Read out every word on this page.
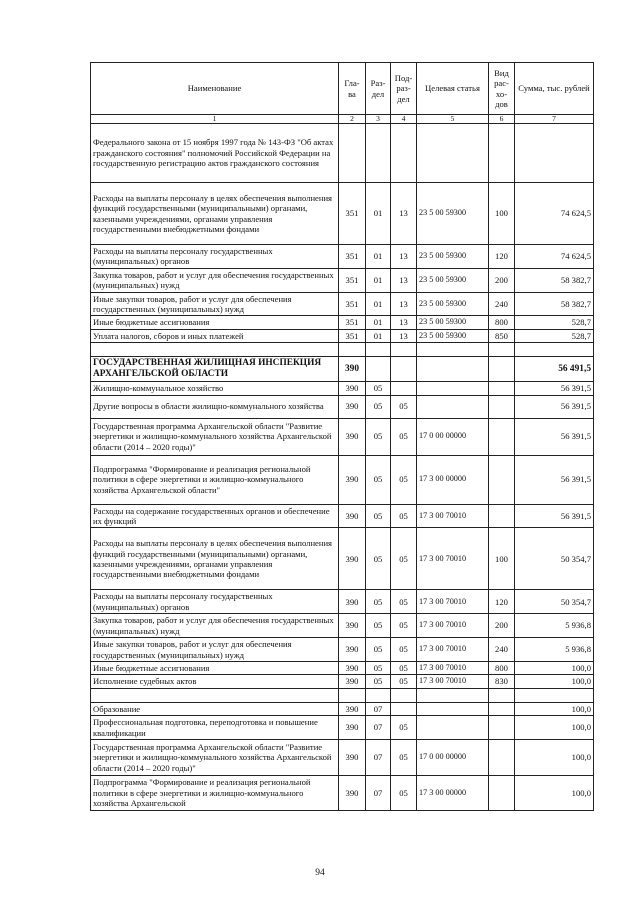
Наименование	Гла-ва	Раз-дел	Под-раз-дел	Целевая статья	Вид рас-хо-дов	Сумма, тыс. рублей
1	2	3	4	5	6	7
Федерального закона от 15 ноября 1997 года № 143-ФЗ "Об актах гражданского состояния" полномочий Российской Федерации на государственную регистрацию актов гражданского состояния						
Расходы на выплаты персоналу в целях обеспечения выполнения функций государственными (муниципальными) органами, казенными учреждениями, органами управления государственными внебюджетными фондами	351	01	13	23 5 00 59300	100	74 624,5
Расходы на выплаты персоналу государственных (муниципальных) органов	351	01	13	23 5 00 59300	120	74 624,5
Закупка товаров, работ и услуг для обеспечения государственных (муниципальных) нужд	351	01	13	23 5 00 59300	200	58 382,7
Иные закупки товаров, работ и услуг для обеспечения государственных (муниципальных) нужд	351	01	13	23 5 00 59300	240	58 382,7
Иные бюджетные ассигнования	351	01	13	23 5 00 59300	800	528,7
Уплата налогов, сборов и иных платежей	351	01	13	23 5 00 59300	850	528,7

ГОСУДАРСТВЕННАЯ ЖИЛИЩНАЯ ИНСПЕКЦИЯ АРХАНГЕЛЬСКОЙ ОБЛАСТИ	390					56 491,5
Жилищно-коммунальное хозяйство	390	05				56 391,5
Другие вопросы в области жилищно-коммунального хозяйства	390	05	05			56 391,5
Государственная программа Архангельской области "Развитие энергетики и жилищно-коммунального хозяйства Архангельской области (2014 – 2020 годы)"	390	05	05	17 0 00 00000		56 391,5
Подпрограмма "Формирование и реализация региональной политики в сфере энергетики и жилищно-коммунального хозяйства Архангельской области"	390	05	05	17 3 00 00000		56 391,5
Расходы на содержание государственных органов и обеспечение их функций	390	05	05	17 3 00 70010		56 391,5
Расходы на выплаты персоналу в целях обеспечения выполнения функций государственными (муниципальными) органами, казенными учреждениями, органами управления государственными внебюджетными фондами	390	05	05	17 3 00 70010	100	50 354,7
Расходы на выплаты персоналу государственных (муниципальных) органов	390	05	05	17 3 00 70010	120	50 354,7
Закупка товаров, работ и услуг для обеспечения государственных (муниципальных) нужд	390	05	05	17 3 00 70010	200	5 936,8
Иные закупки товаров, работ и услуг для обеспечения государственных (муниципальных) нужд	390	05	05	17 3 00 70010	240	5 936,8
Иные бюджетные ассигнования	390	05	05	17 3 00 70010	800	100,0
Исполнение судебных актов	390	05	05	17 3 00 70010	830	100,0

Образование	390	07				100,0
Профессиональная подготовка, переподготовка и повышение квалификации	390	07	05			100,0
Государственная программа Архангельской области "Развитие энергетики и жилищно-коммунального хозяйства Архангельской области (2014 – 2020 годы)"	390	07	05	17 0 00 00000		100,0
Подпрограмма "Формирование и реализация региональной политики в сфере энергетики и жилищно-коммунального хозяйства Архангельской	390	07	05	17 3 00 00000		100,0
94
